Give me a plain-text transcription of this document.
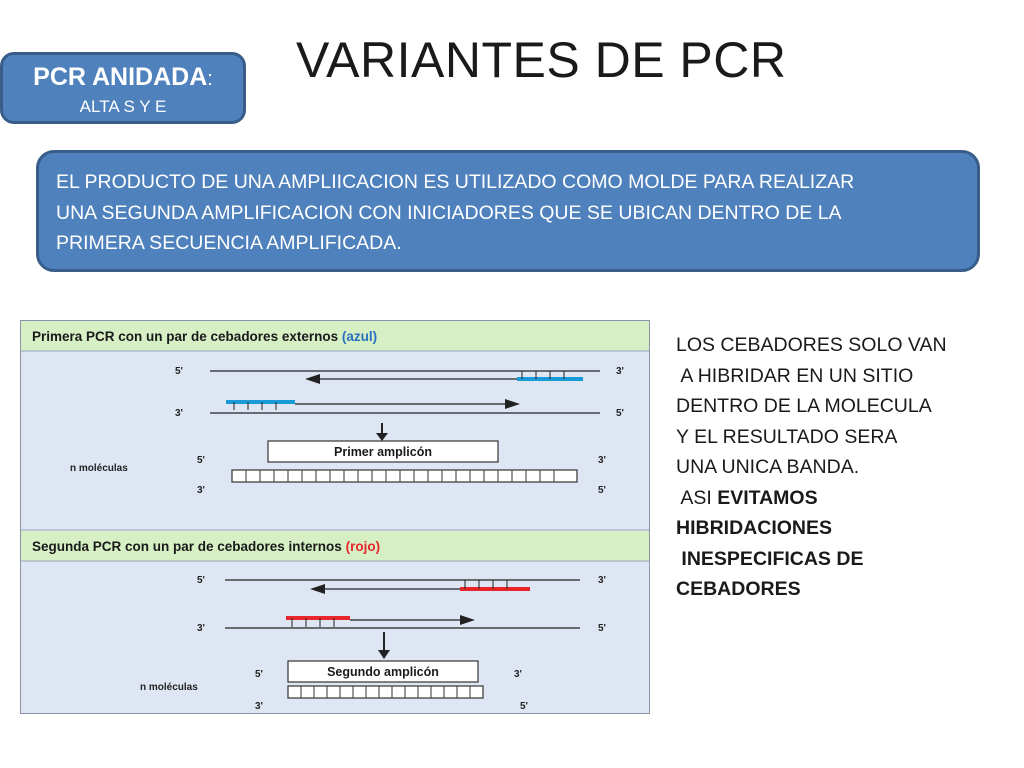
VARIANTES DE PCR
PCR ANIDADA:
ALTA S Y E
EL PRODUCTO DE UNA AMPLIICACION ES UTILIZADO COMO MOLDE PARA REALIZAR
UNA SEGUNDA AMPLIFICACION CON INICIADORES QUE SE UBICAN DENTRO DE LA
PRIMERA SECUENCIA AMPLIFICADA.
Primera PCR con un par de cebadores externos (azul)
5'	3'
3'	5'
Primer amplicón
n moléculas
5'	3'
3'	5'
Segunda PCR con un par de cebadores internos (rojo)
5'	3'
3'	5'
Segundo amplicón
n moléculas
5'	3'
3'	5'
LOS CEBADORES SOLO VAN
A HIBRIDAR EN UN SITIO
DENTRO DE LA MOLECULA
Y EL RESULTADO SERA
UNA UNICA BANDA.
ASI EVITAMOS
HIBRIDACIONES
INESPECIFICAS DE
CEBADORES
